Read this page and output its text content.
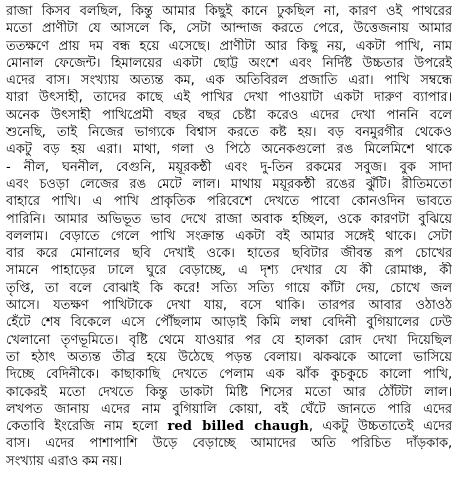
রাজা কিসব বলছিল, কিন্তু আমার কিছুই কানে ঢুকছিল না, কারণ ওই পাথরের
মতো প্রাণীটা যে আসলে কি, সেটা আন্দাজ করতে পেরে, উত্তেজনায় আমার
ততক্ষণে প্রায় দম বন্ধ হয়ে এসেছে। প্রাণীটা আর কিছু নয়, একটা পাখি, নাম
মোনাল ফেজেন্ট। হিমালয়ের একটা ছোট্ট অংশে এবং নির্দিষ্ট উচ্চতার উপরেই
এদের বাস। সংখ্যায় অত্যন্ত কম, এক অতিবিরল প্রজাতি এরা। পাখি সম্বন্ধে
যারা উৎসাহী, তাদের কাছে এই পাখির দেখা পাওয়াটা একটা দারুণ ব্যাপার।
অনেক উৎসাহী পাখিপ্রেমী বছর বছর চেষ্টা করেও এদের দেখা পাননি বলে
শুনেছি, তাই নিজের ভাগ্যকে বিশ্বাস করতে কষ্ট হয়। বড় বনমুরগীর থেকেও
একটু বড় হয় এরা। মাথা, গলা ও পিঠে অনেকগুলো রঙ মিলেমিশে থাকে
- নীল, ঘননীল, বেগুনি, ময়ূরকন্ঠী এবং দু-তিন রকমের সবুজ। বুক সাদা
এবং চওড়া লেজের রঙ মেটে লাল। মাথায় ময়ূরকন্ঠী রঙের ঝুঁটি। রীতিমতো
বাহারে পাখি। এ পাখি প্রাকৃতিক পরিবেশে দেখতে পাবো কোনওদিন ভাবতে
পারিনি। আমার অভিভূত ভাব দেখে রাজা অবাক হচ্ছিল, ওকে কারণটা বুঝিয়ে
বললাম। বেড়াতে গেলে পাখি সংক্রান্ত একটা বই আমার সঙ্গেই থাকে। সেটা
বার করে মোনালের ছবি দেখাই ওকে। হাতের ছবিটার জীবন্ত রূপ চোখের
সামনে পাহাড়ের ঢালে ঘুরে বেড়াচ্ছে, এ দৃশ্য দেখার যে কী রোমাঞ্চ, কী
তৃপ্তি, তা বলে বোঝাই কি করে! সত্যি সত্যি গায়ে কাঁটা দেয়, চোখে জল
আসে। যতক্ষণ পাখিটাকে দেখা যায়, বসে থাকি। তারপর আবার ওঠাওঠ
হেঁটে শেষ বিকেলে এসে পৌঁছলাম আড়াই কিমি লম্বা বেদিনী বুগিয়ালের ঢেউ
খেলানো তৃণভূমিতে। বৃষ্টি থেমে যাওয়ার পর যে হালকা রোদ দেখা দিয়েছিল
তা হঠাৎ অত্যন্ত তীব্র হয়ে উঠেছে পড়ন্ত বেলায়। ঝকঝকে আলো ভাসিয়ে
দিচ্ছে বেদিনীকে। কাছাকাছি দেখতে পেলাম এক ঝাঁক কুচকুচে কালো পাখি,
কাকেরই মতো দেখতে কিন্তু ডাকটা মিষ্টি শিসের মতো আর ঠোঁটটা লাল।
লখপত জানায় এদের নাম বুগিয়ালি কোয়া, বই ঘেঁটে জানতে পারি এদের
কেতাবি ইংরেজি নাম হলো red billed chaugh, একটু উচ্চতাতেই এদের
বাস। এদের পাশাপাশি উড়ে বেড়াচ্ছে আমাদের অতি পরিচিত দাঁড়কাক,
সংখ্যায় এরাও কম নয়।
